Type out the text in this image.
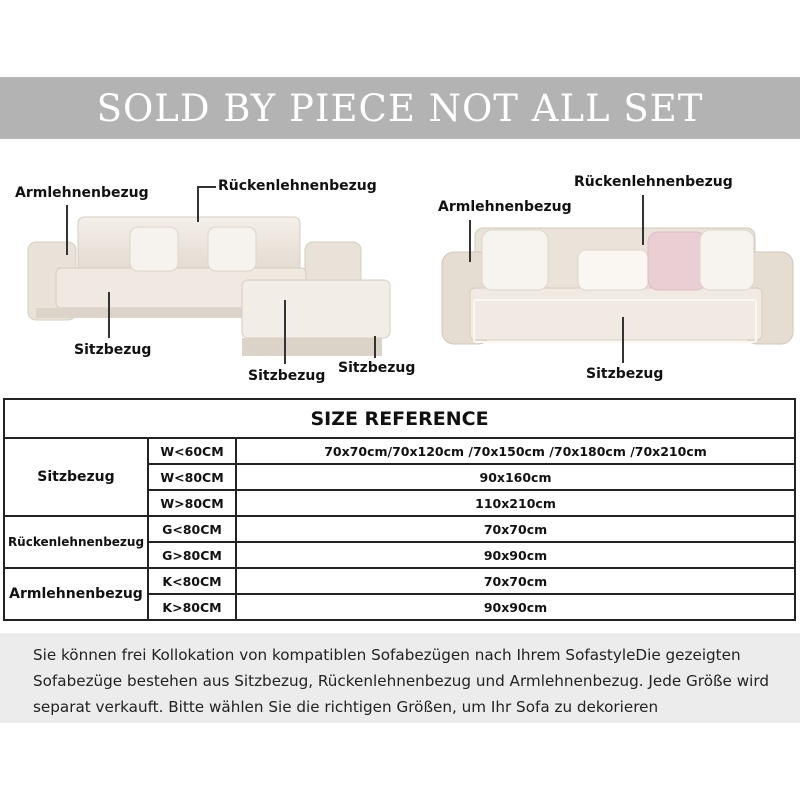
SOLD BY PIECE NOT ALL SET
Armlehnenbezug	Rückenlehnenbezug
Sitzbezug
Sitzbezug Sitzbezug
Armlehnenbezug
Rückenlehnenbezug
Sitzbezug
SIZE REFERENCE		
Sitzbezug	W<60CM	70x70cm/70x120cm /70x150cm /70x180cm /70x210cm
	W<80CM	90x160cm
	W>80CM	110x210cm
Rückenlehnenbezug	G<80CM	70x70cm
	G>80CM	90x90cm
Armlehnenbezug	K<80CM	70x70cm
	K>80CM	90x90cm

Sie können frei Kollokation von kompatiblen Sofabezügen nach Ihrem SofastyleDie gezeigten Sofabezüge bestehen aus Sitzbezug, Rückenlehnenbezug und Armlehnenbezug. Jede Größe wird separat verkauft. Bitte wählen Sie die richtigen Größen, um Ihr Sofa zu dekorieren
